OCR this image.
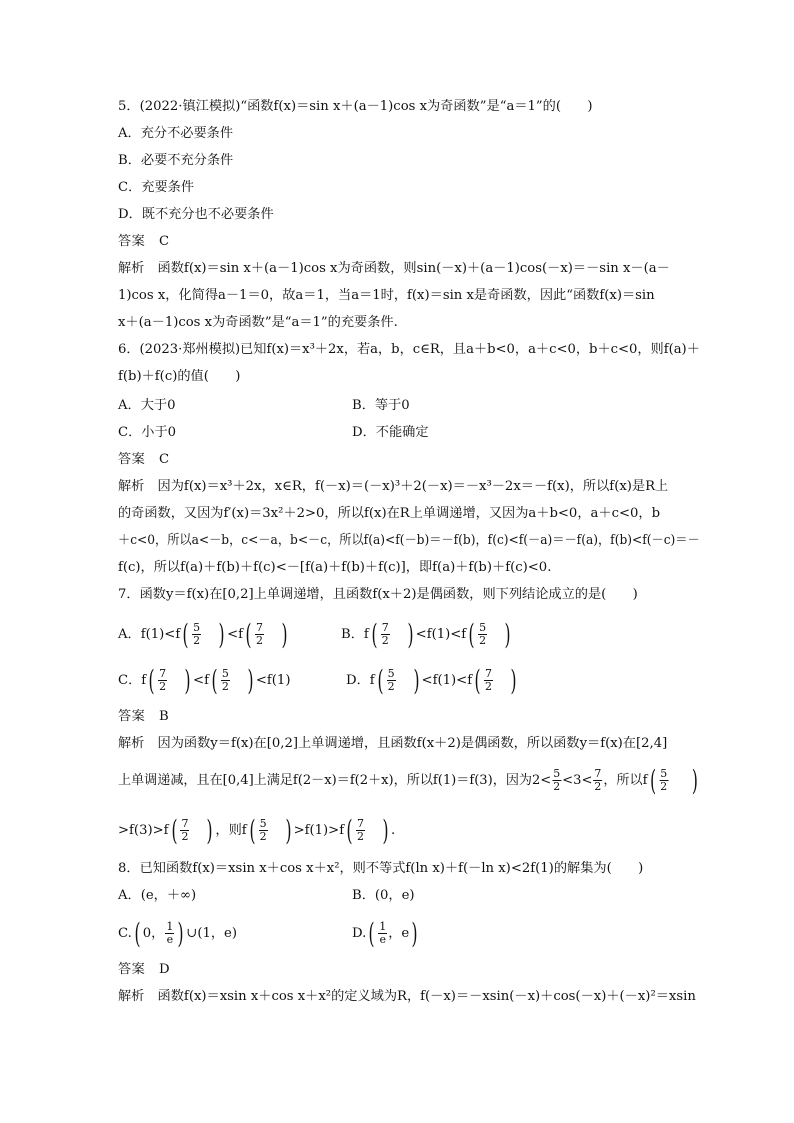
5．(2022·镇江模拟)“函数f(x)＝sin x＋(a－1)cos x为奇函数”是“a＝1”的(　　)
A．充分不必要条件
B．必要不充分条件
C．充要条件
D．既不充分也不必要条件
答案　C
解析　函数f(x)＝sin x＋(a－1)cos x为奇函数，则sin(－x)＋(a－1)cos(－x)＝－sin x－(a－
1)cos x，化简得a－1＝0，故a＝1，当a＝1时，f(x)＝sin x是奇函数，因此“函数f(x)＝sin
x＋(a－1)cos x为奇函数”是“a＝1”的充要条件.
6．(2023·郑州模拟)已知f(x)＝x³＋2x，若a，b，c∈R，且a＋b<0，a＋c<0，b＋c<0，则f(a)＋
f(b)＋f(c)的值(　　)
A．大于0	B．等于0
C．小于0	D．不能确定
答案　C
解析　因为f(x)＝x³＋2x，x∈R，f(－x)＝(－x)³＋2(－x)＝－x³－2x＝－f(x)，所以f(x)是R上
的奇函数，又因为f′(x)＝3x²＋2>0，所以f(x)在R上单调递增，又因为a＋b<0，a＋c<0，b
＋c<0，所以a<－b，c<－a，b<－c，所以f(a)<f(－b)＝－f(b)，f(c)<f(－a)＝－f(a)，f(b)<f(－c)＝－
f(c)，所以f(a)＋f(b)＋f(c)<－[f(a)＋f(b)＋f(c)]，即f(a)＋f(b)＋f(c)<0.
7．函数y＝f(x)在[0,2]上单调递增，且函数f(x＋2)是偶函数，则下列结论成立的是(　　)
A．$f(1)<f( \frac{5}{2}$ ) $<f( \frac{7}{2}$ )	B．$f( \frac{7}{2}$ ) $<f(1)<f( \frac{5}{2}$ )
C．$f( \frac{7}{2}$ ) $<f( \frac{5}{2}$ ) <f(1)	D．$f( \frac{5}{2}$ ) $<f(1)<f( \frac{7}{2}$ )
答案　B
解析　因为函数y＝f(x)在[0,2]上单调递增，且函数f(x＋2)是偶函数，所以函数y＝f(x)在[2,4]
上单调递减，且在[0,4]上满足f(2－x)＝f(2＋x)，所以f(1)＝f(3)，因为$2< \frac{5}{2} <3< \frac{7}{2}$ ，所以$f( \frac{5}{2}$ )
$>f(3)>f( \frac{7}{2}$ ) ，则$f( \frac{5}{2}$ ) $>f(1)>f( \frac{7}{2}$ ) .
8．已知函数f(x)＝xsin x＋cos x＋x²，则不等式f(ln x)＋f(－ln x)<2f(1)的解集为(　　)
A．(e，＋∞)	B．(0，e)
C.( 0， $\frac{1}{e}$ ) ∪(1，e)	$D.( \frac{1}{e}$ ，e)
答案　D
解析　函数f(x)＝xsin x＋cos x＋x²的定义域为R，f(－x)＝－xsin(－x)＋cos(－x)＋(－x)²＝xsin
